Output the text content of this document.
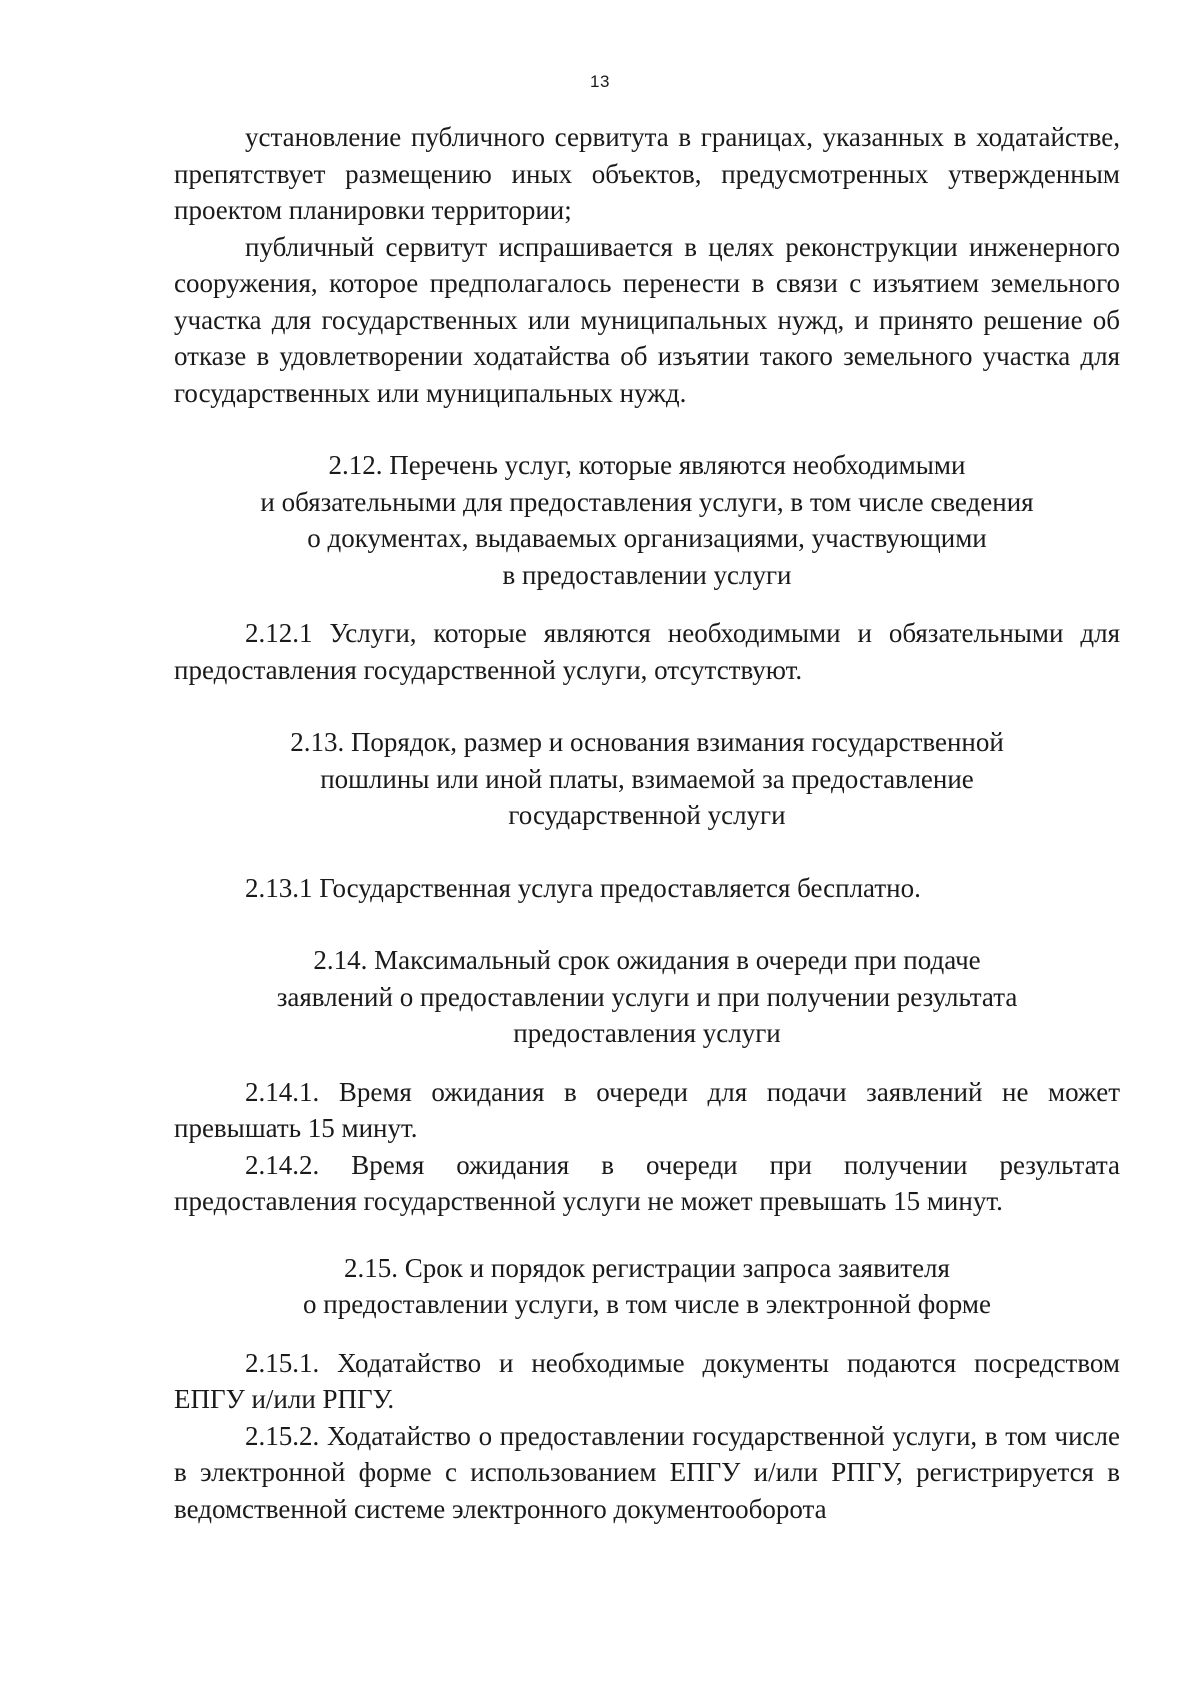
13

установление публичного сервитута в границах, указанных в ходатайстве, препятствует размещению иных объектов, предусмотренных утвержденным проектом планировки территории;

публичный сервитут испрашивается в целях реконструкции инженерного сооружения, которое предполагалось перенести в связи с изъятием земельного участка для государственных или муниципальных нужд, и принято решение об отказе в удовлетворении ходатайства об изъятии такого земельного участка для государственных или муниципальных нужд.

2.12. Перечень услуг, которые являются необходимыми
и обязательными для предоставления услуги, в том числе сведения
о документах, выдаваемых организациями, участвующими
в предоставлении услуги

2.12.1 Услуги, которые являются необходимыми и обязательными для предоставления государственной услуги, отсутствуют.

2.13. Порядок, размер и основания взимания государственной
пошлины или иной платы, взимаемой за предоставление
государственной услуги

2.13.1 Государственная услуга предоставляется бесплатно.

2.14. Максимальный срок ожидания в очереди при подаче
заявлений о предоставлении услуги и при получении результата
предоставления услуги

2.14.1. Время ожидания в очереди для подачи заявлений не может превышать 15 минут.

2.14.2. Время ожидания в очереди при получении результата предоставления государственной услуги не может превышать 15 минут.

2.15. Срок и порядок регистрации запроса заявителя
о предоставлении услуги, в том числе в электронной форме

2.15.1. Ходатайство и необходимые документы подаются посредством ЕПГУ и/или РПГУ.

2.15.2. Ходатайство о предоставлении государственной услуги, в том числе в электронной форме с использованием ЕПГУ и/или РПГУ, регистрируется в ведомственной системе электронного документооборота
